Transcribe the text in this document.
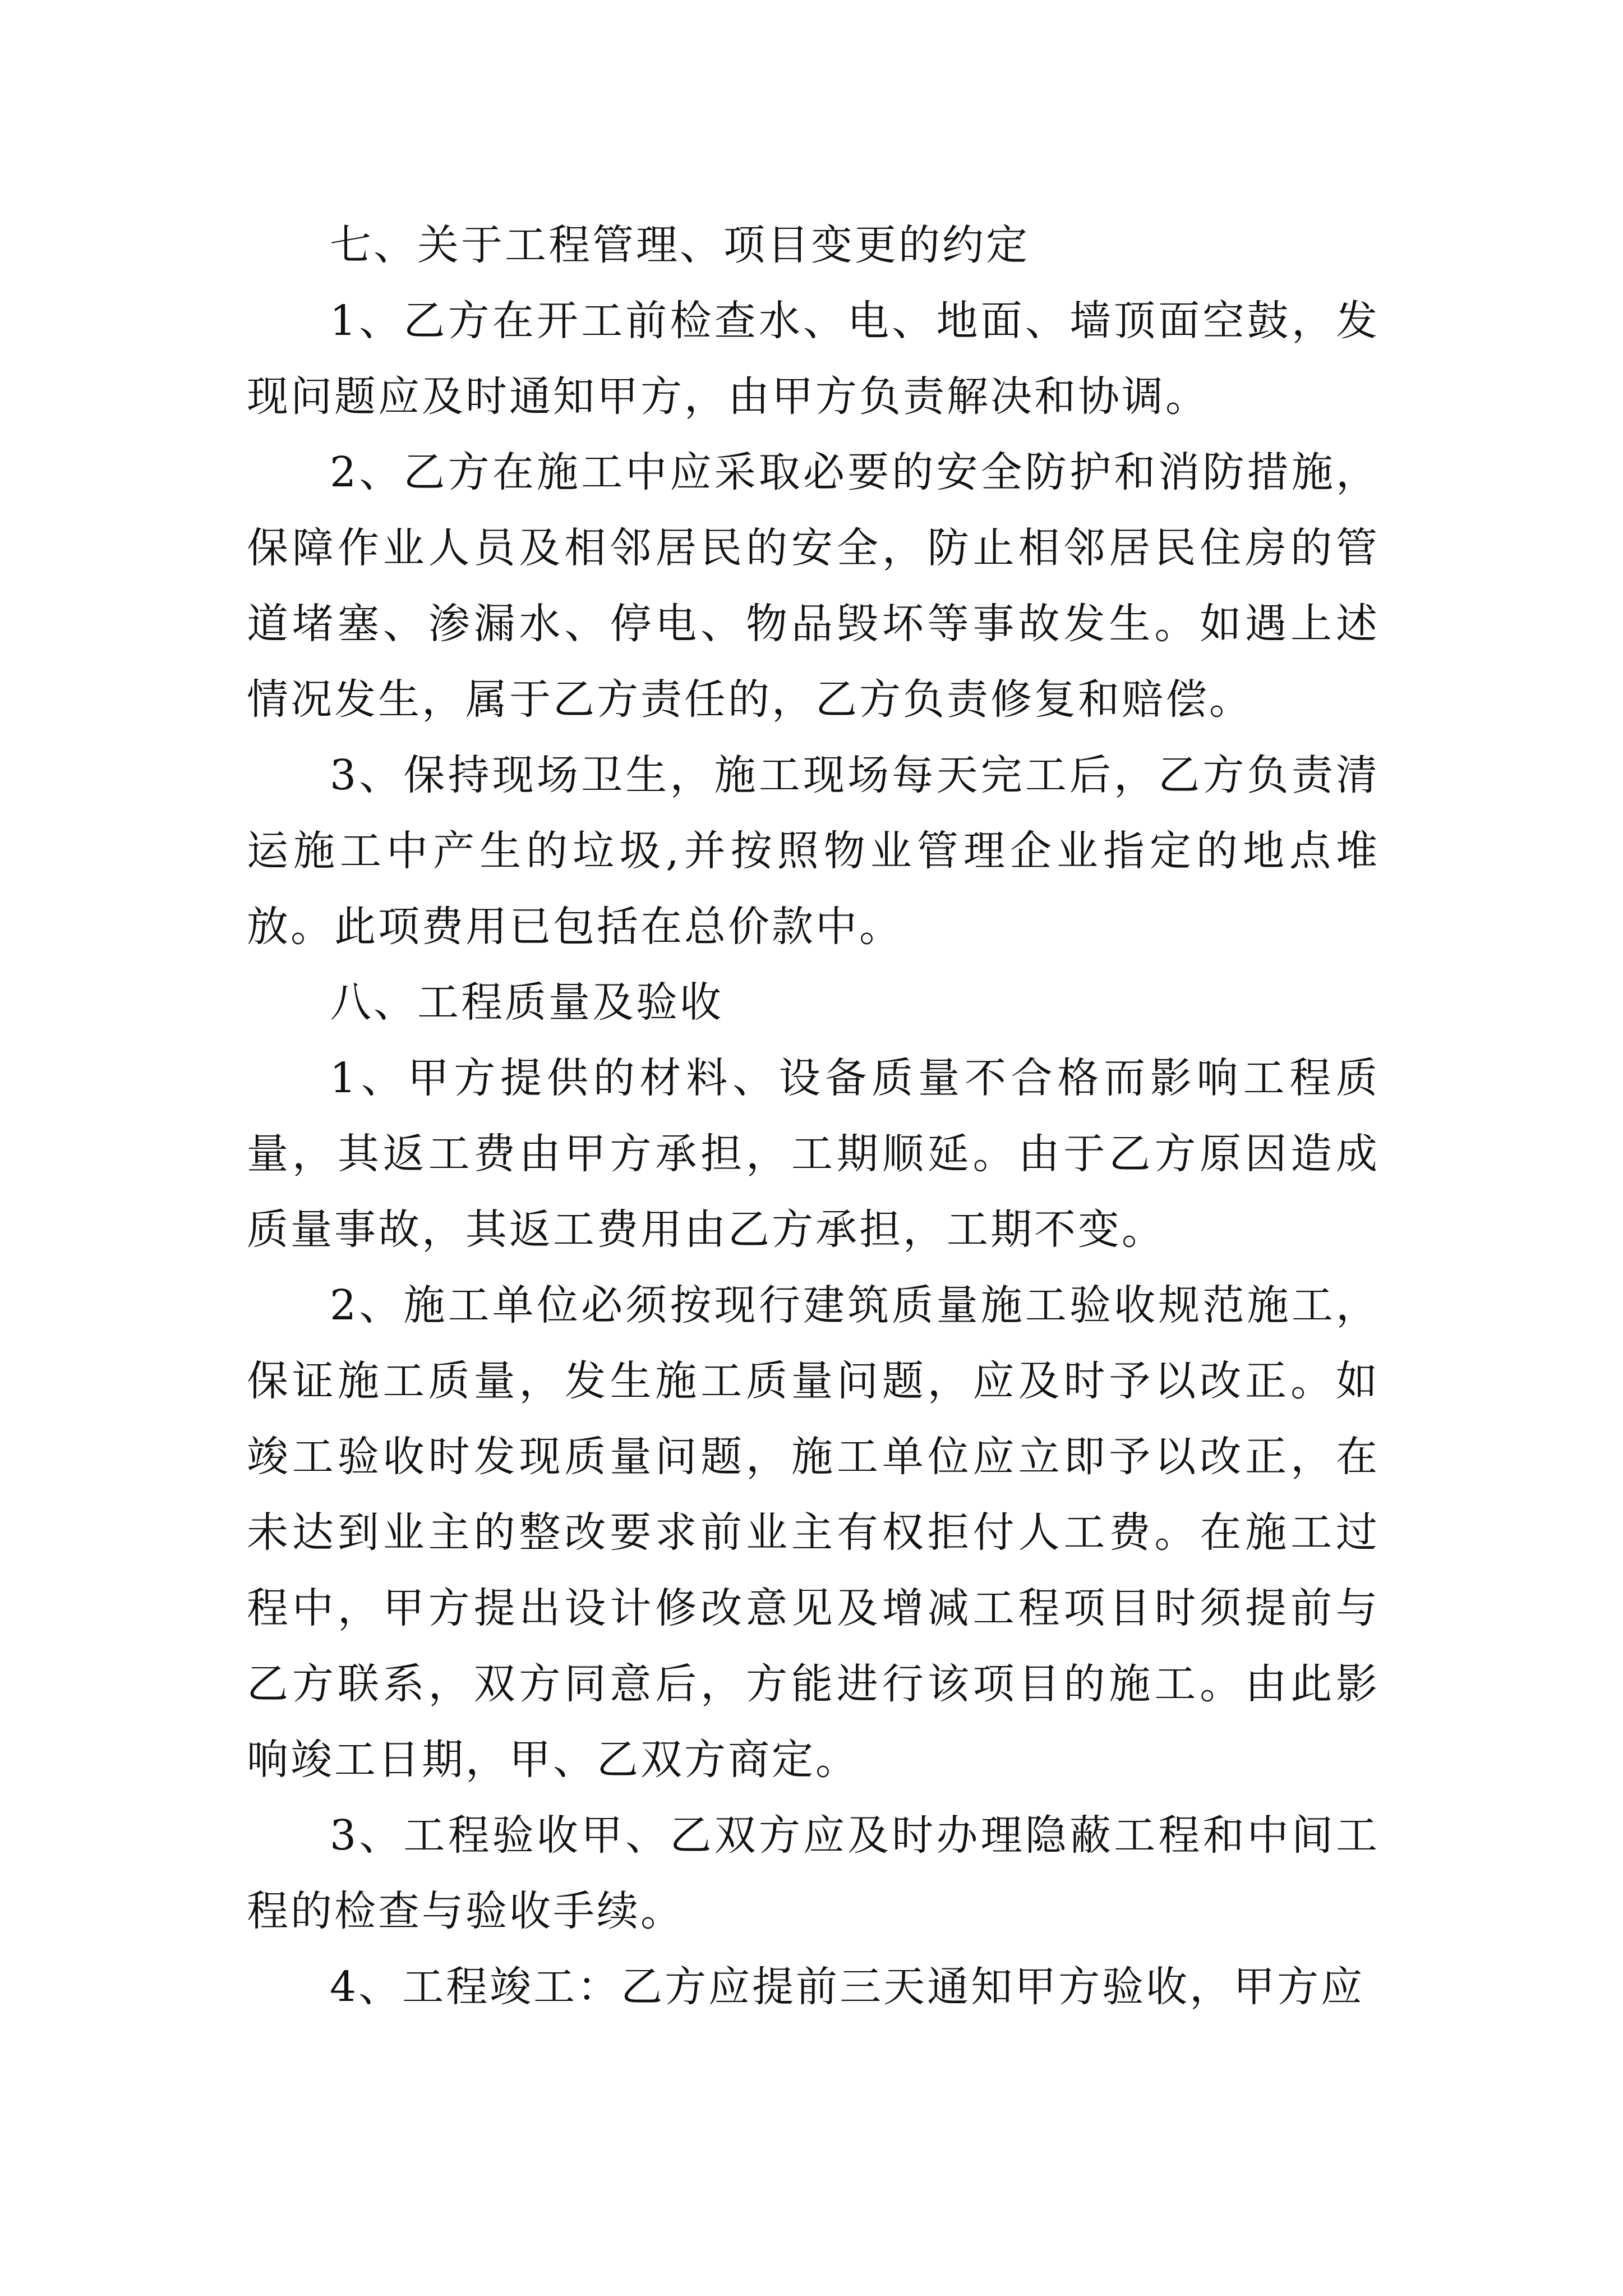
七、关于工程管理、项目变更的约定

1、乙方在开工前检查水、电、地面、墙顶面空鼓，发现问题应及时通知甲方，由甲方负责解决和协调。

2、乙方在施工中应采取必要的安全防护和消防措施，保障作业人员及相邻居民的安全，防止相邻居民住房的管道堵塞、渗漏水、停电、物品毁坏等事故发生。如遇上述情况发生，属于乙方责任的，乙方负责修复和赔偿。

3、保持现场卫生，施工现场每天完工后，乙方负责清运施工中产生的垃圾,并按照物业管理企业指定的地点堆放。此项费用已包括在总价款中。

八、工程质量及验收

1、甲方提供的材料、设备质量不合格而影响工程质量，其返工费由甲方承担，工期顺延。由于乙方原因造成质量事故，其返工费用由乙方承担，工期不变。

2、施工单位必须按现行建筑质量施工验收规范施工，保证施工质量，发生施工质量问题，应及时予以改正。如竣工验收时发现质量问题，施工单位应立即予以改正，在未达到业主的整改要求前业主有权拒付人工费。在施工过程中，甲方提出设计修改意见及增减工程项目时须提前与乙方联系，双方同意后，方能进行该项目的施工。由此影响竣工日期，甲、乙双方商定。

3、工程验收甲、乙双方应及时办理隐蔽工程和中间工程的检查与验收手续。

4、工程竣工：乙方应提前三天通知甲方验收，甲方应
